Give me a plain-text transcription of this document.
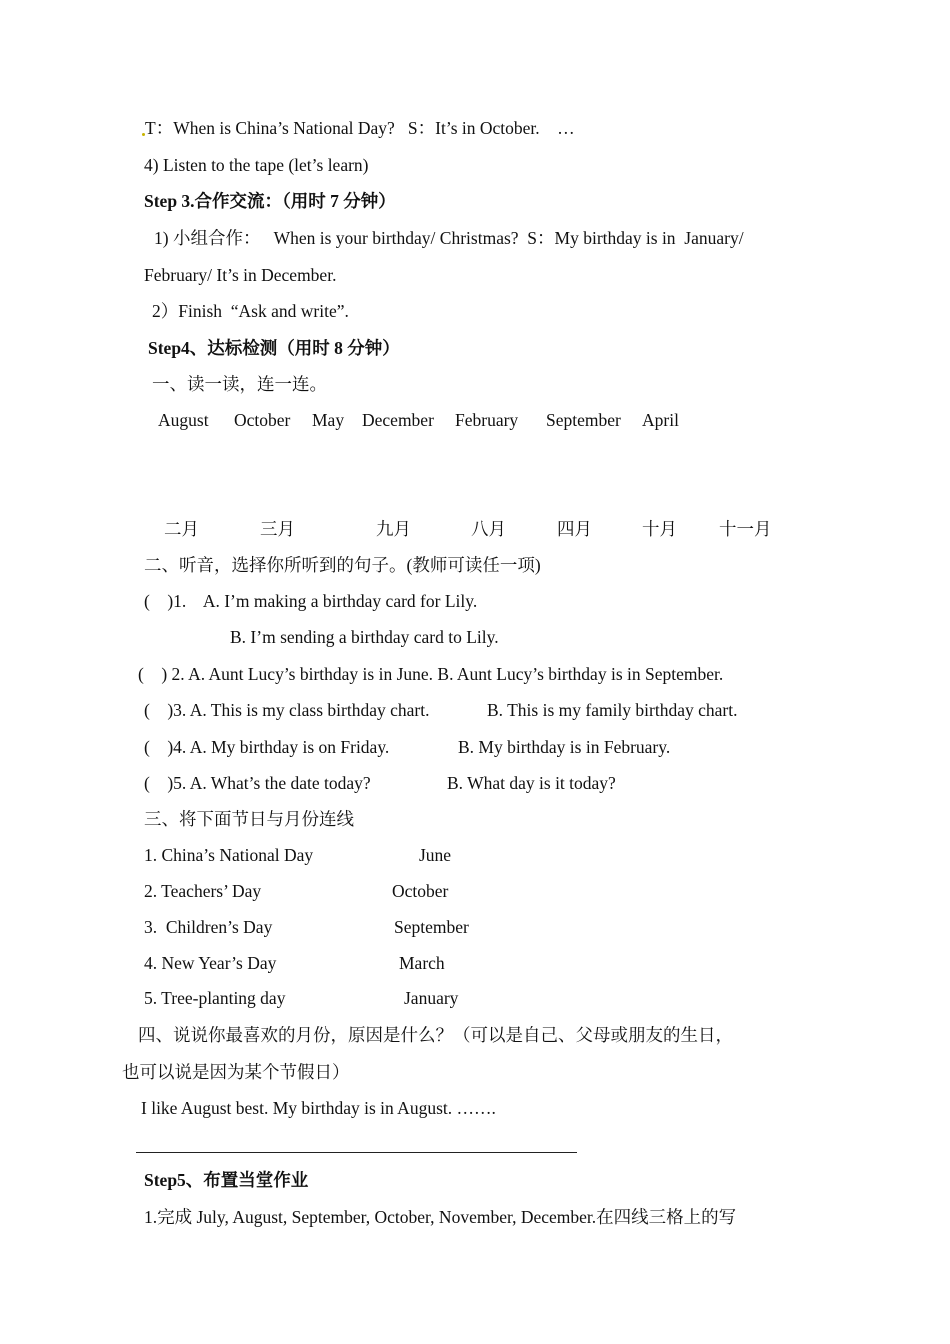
T：When is China’s National Day?   S：It’s in October.    …
4) Listen to the tape (let’s learn)
Step 3.合作交流：（用时 7 分钟）
1) 小组合作：   When is your birthday/ Christmas?  S：My birthday is in  January/
February/ It’s in December.
2）Finish  “Ask and write”.
Step4、达标检测（用时 8 分钟）
一、读一读，连一连。
August October May December February September April
二月	三月	九月	八月	四月	十月 十一月
二、听音，选择你所听到的句子。(教师可读任一项)
(    )1.    A. I’m making a birthday card for Lily.
B. I’m sending a birthday card to Lily.
(    ) 2. A. Aunt Lucy’s birthday is in June. B. Aunt Lucy’s birthday is in September.
(    )3. A. This is my class birthday chart.	B. This is my family birthday chart.
(    )4. A. My birthday is on Friday.	B. My birthday is in February.
(    )5. A. What’s the date today?	B. What day is it today?
三、将下面节日与月份连线
1. China’s National Day	June
2. Teachers’ Day	October
3.  Children’s Day	September
4. New Year’s Day	March
5. Tree-planting day	January
四、说说你最喜欢的月份，原因是什么？（可以是自己、父母或朋友的生日，
也可以说是因为某个节假日）
I like August best. My birthday is in August. …….
Step5、布置当堂作业
1.完成 July, August, September, October, November, December.在四线三格上的写
